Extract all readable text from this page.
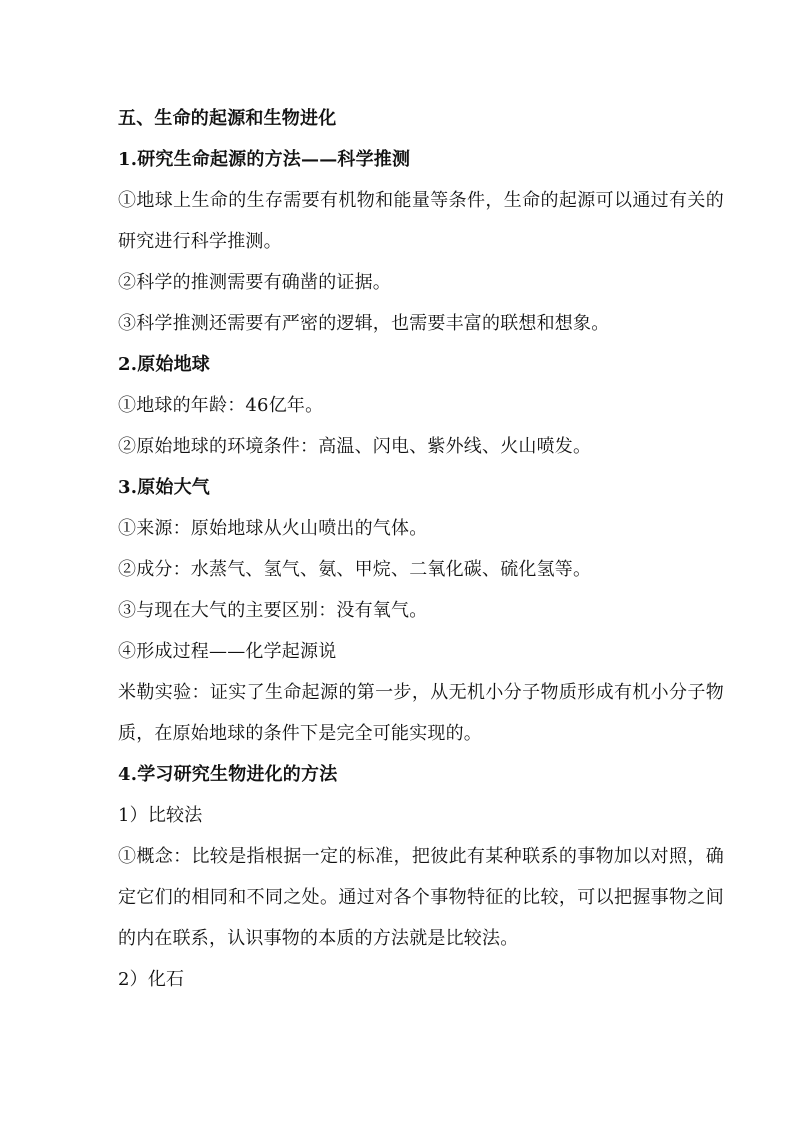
五、生命的起源和生物进化
1.研究生命起源的方法——科学推测
①地球上生命的生存需要有机物和能量等条件，生命的起源可以通过有关的研究进行科学推测。
②科学的推测需要有确凿的证据。
③科学推测还需要有严密的逻辑，也需要丰富的联想和想象。
2.原始地球
①地球的年龄：46亿年。
②原始地球的环境条件：高温、闪电、紫外线、火山喷发。
3.原始大气
①来源：原始地球从火山喷出的气体。
②成分：水蒸气、氢气、氨、甲烷、二氧化碳、硫化氢等。
③与现在大气的主要区别：没有氧气。
④形成过程——化学起源说
米勒实验：证实了生命起源的第一步，从无机小分子物质形成有机小分子物质，在原始地球的条件下是完全可能实现的。
4.学习研究生物进化的方法
1）比较法
①概念：比较是指根据一定的标准，把彼此有某种联系的事物加以对照，确定它们的相同和不同之处。通过对各个事物特征的比较，可以把握事物之间的内在联系，认识事物的本质的方法就是比较法。
2）化石
